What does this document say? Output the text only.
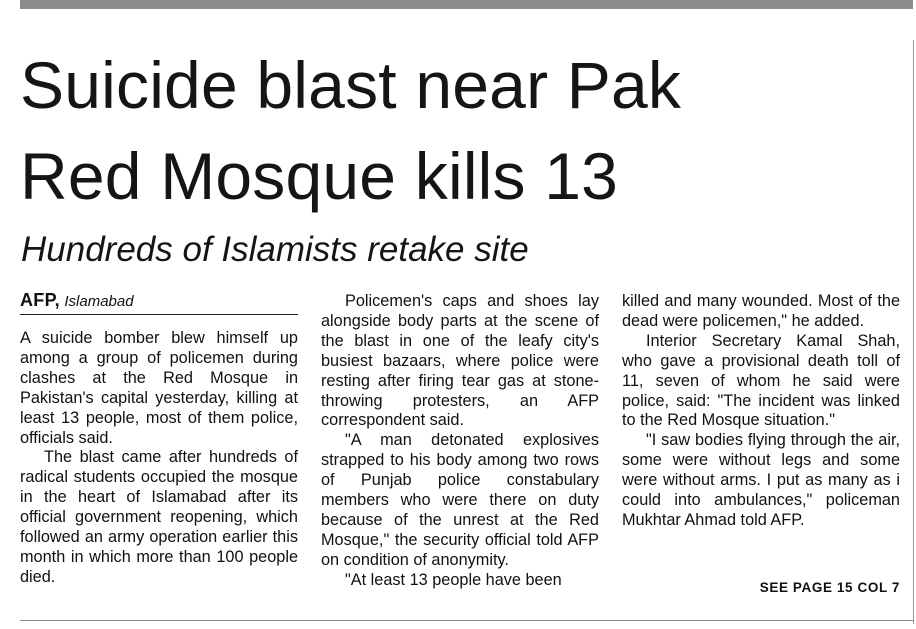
Suicide blast near Pak
Red Mosque kills 13
Hundreds of Islamists retake site
AFP, Islamabad

A suicide bomber blew himself up among a group of policemen during clashes at the Red Mosque in Pakistan's capital yesterday, killing at least 13 people, most of them police, officials said.

The blast came after hundreds of radical students occupied the mosque in the heart of Islamabad after its official government reopening, which followed an army operation earlier this month in which more than 100 people died.

Policemen's caps and shoes lay alongside body parts at the scene of the blast in one of the leafy city's busiest bazaars, where police were resting after firing tear gas at stone-throwing protesters, an AFP correspondent said.

"A man detonated explosives strapped to his body among two rows of Punjab police constabulary members who were there on duty because of the unrest at the Red Mosque," the security official told AFP on condition of anonymity.

"At least 13 people have been

killed and many wounded. Most of the dead were policemen," he added.

Interior Secretary Kamal Shah, who gave a provisional death toll of 11, seven of whom he said were police, said: "The incident was linked to the Red Mosque situation."

"I saw bodies flying through the air, some were without legs and some were without arms. I put as many as i could into ambulances," policeman Mukhtar Ahmad told AFP.

SEE PAGE 15 COL 7
